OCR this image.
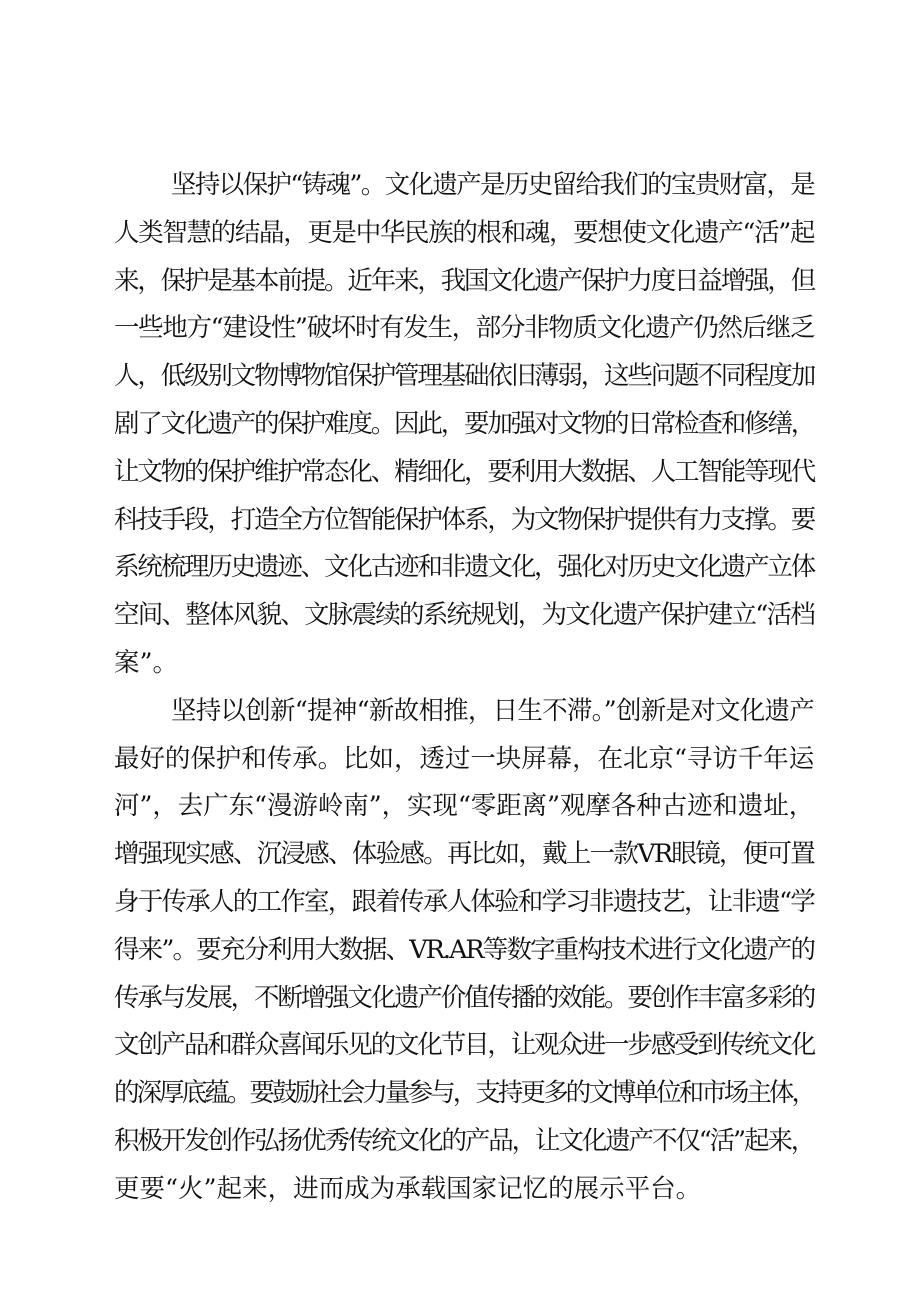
坚持以保护“铸魂”。文化遗产是历史留给我们的宝贵财富，是
人类智慧的结晶，更是中华民族的根和魂，要想使文化遗产“活”起
来，保护是基本前提。近年来，我国文化遗产保护力度日益增强，但
一些地方“建设性”破坏时有发生，部分非物质文化遗产仍然后继乏
人，低级别文物博物馆保护管理基础依旧薄弱，这些问题不同程度加
剧了文化遗产的保护难度。因此，要加强对文物的日常检查和修缮，
让文物的保护维护常态化、精细化，要利用大数据、人工智能等现代
科技手段，打造全方位智能保护体系，为文物保护提供有力支撑。要
系统梳理历史遗迹、文化古迹和非遗文化，强化对历史文化遗产立体
空间、整体风貌、文脉震续的系统规划，为文化遗产保护建立“活档
案”。
坚持以创新“提神“新故相推，日生不滞。”创新是对文化遗产
最好的保护和传承。比如，透过一块屏幕，在北京“寻访千年运
河”，去广东“漫游岭南”，实现“零距离”观摩各种古迹和遗址，
增强现实感、沉浸感、体验感。再比如，戴上一款VR眼镜，便可置
身于传承人的工作室，跟着传承人体验和学习非遗技艺，让非遗“学
得来”。要充分利用大数据、VR.AR等数字重构技术进行文化遗产的
传承与发展，不断增强文化遗产价值传播的效能。要创作丰富多彩的
文创产品和群众喜闻乐见的文化节目，让观众进一步感受到传统文化
的深厚底蕴。要鼓励社会力量参与，支持更多的文博单位和市场主体，
积极开发创作弘扬优秀传统文化的产品，让文化遗产不仅“活”起来，
更要“火”起来，进而成为承载国家记忆的展示平台。
